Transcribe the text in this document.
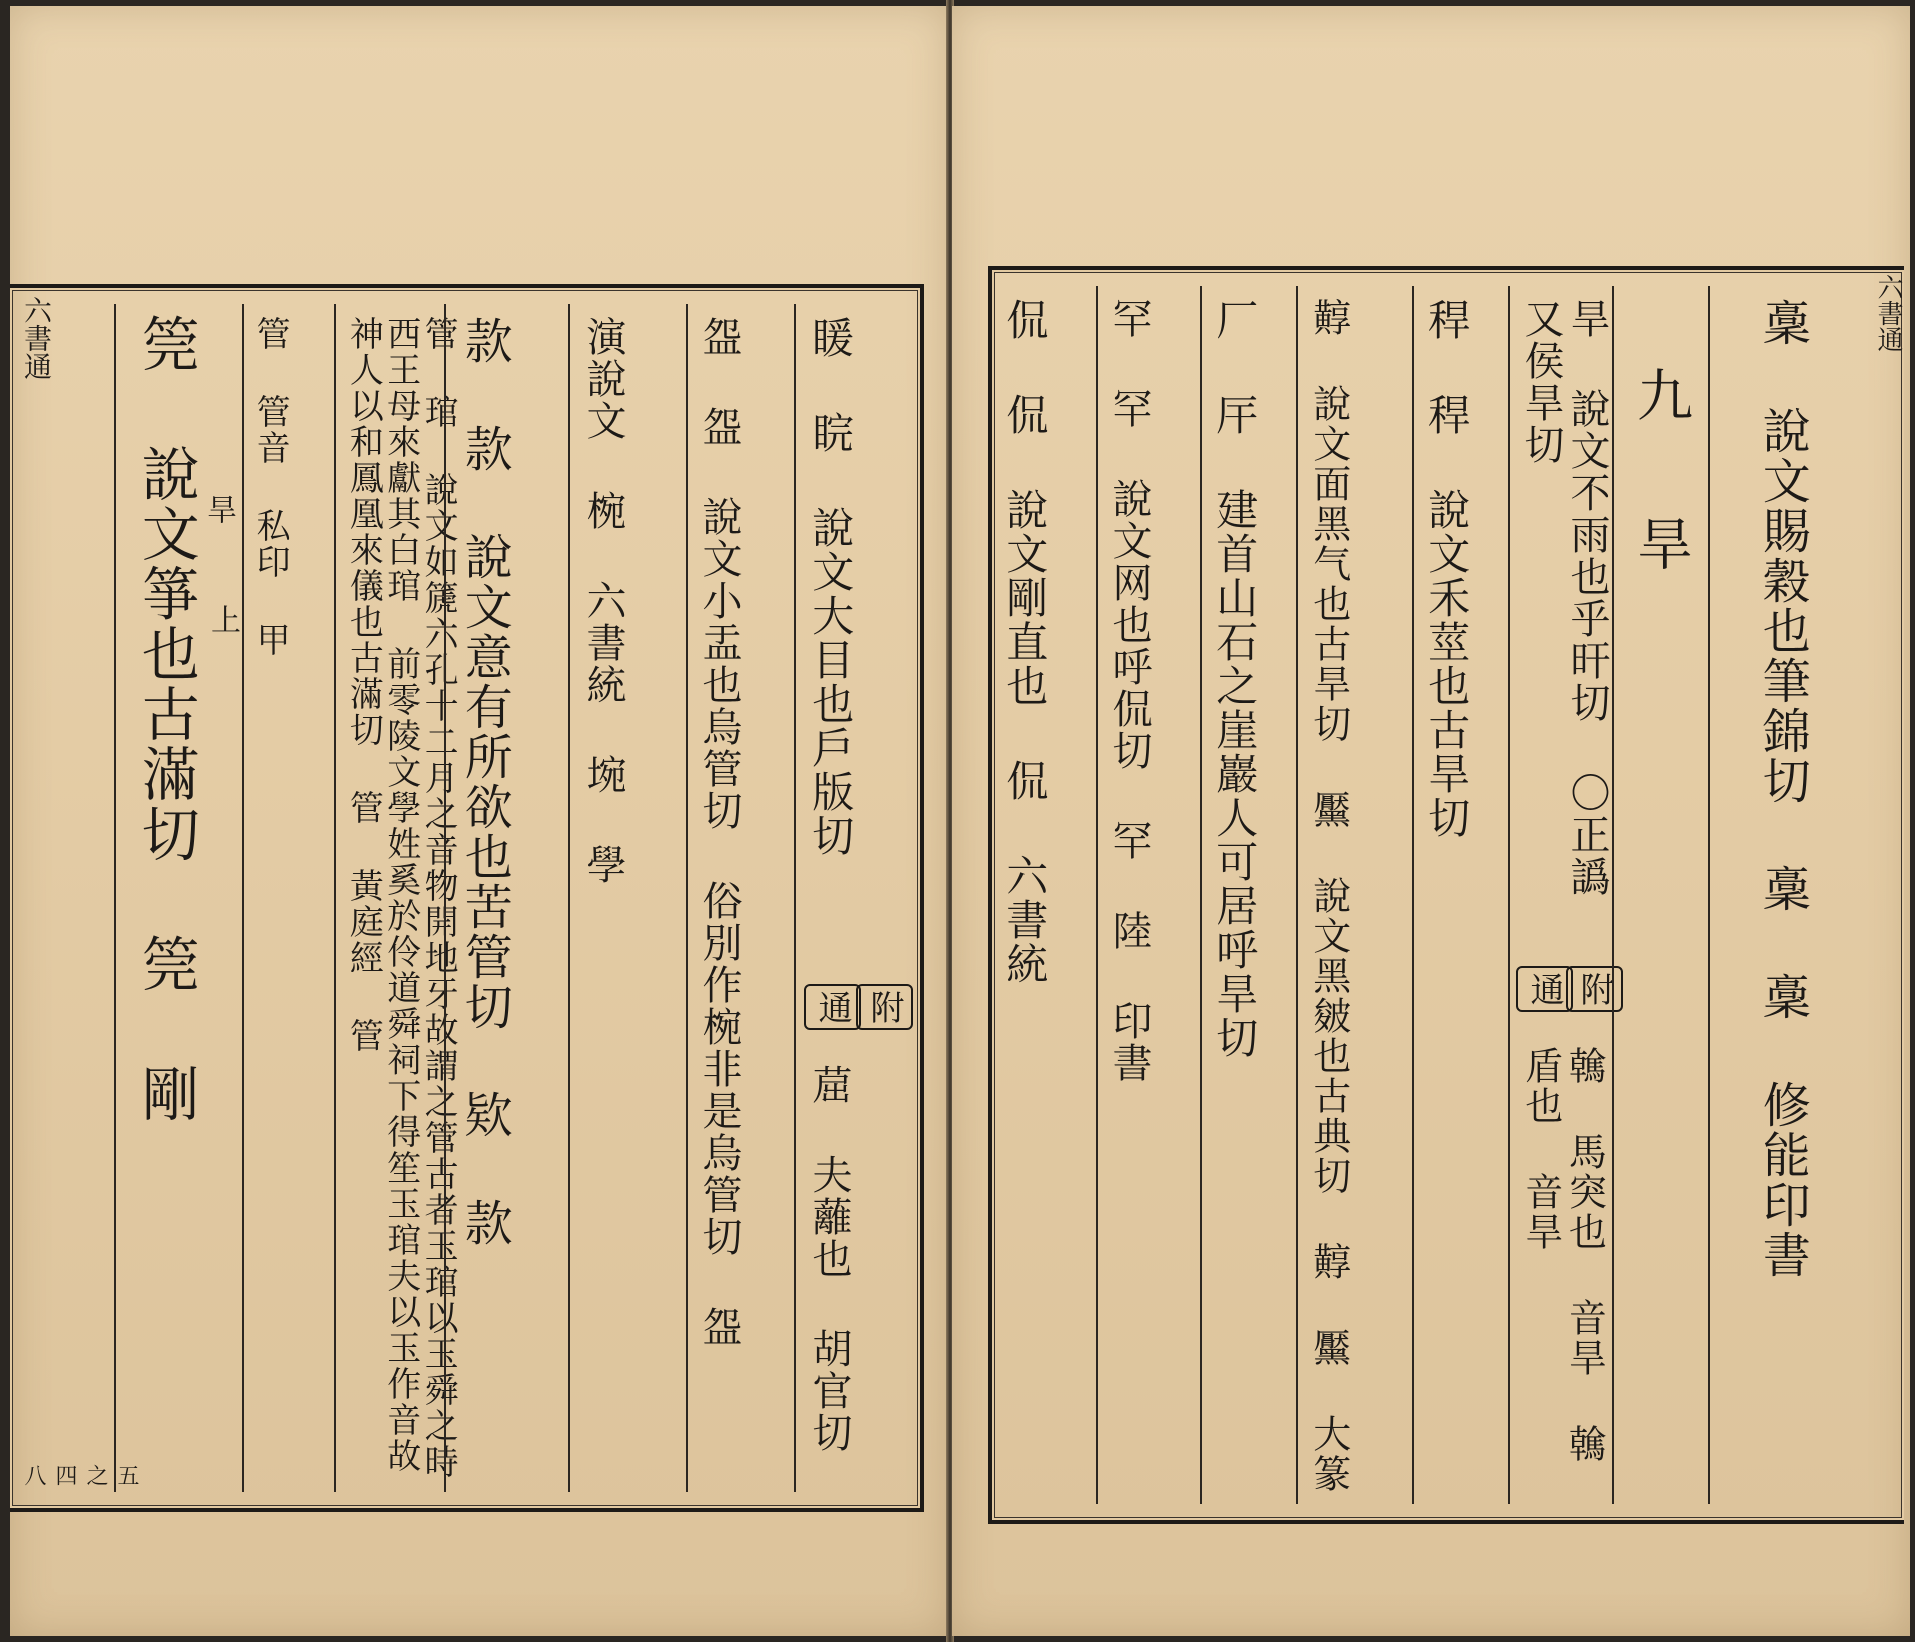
六書通
五之四八
旱
上
筦 說文箏也古滿切 筦 剛 管 管音 私印 甲	管 琯 說文如篪六孔十二月之音物開地牙故謂之管古者玉琯以玉舜之時西王母來獻其白琯 前零陵文學姓奚於伶道舜祠下得笙玉琯夫以玉作音故神人以和鳳凰來儀也古滿切 管 黃庭經 管	款 款 說文意有所欲也苦管切 欵 款 演說文 椀 六書統 埦 學 盌 盌 說文小盂也烏管切 俗別作椀非是烏管切 盌 䁔 睆 說文大目也戶版切
附
通
䓛 夫蘺也 胡官切
侃 侃 說文剛直也 侃 六書統 罕 罕 說文网也呼侃切 罕 陸 印書 厂 厈 建首山石之崖巖人可居呼旱切 䵍 說文面黑气也古旱切 黶 說文黑皴也古典切 䵍 黶 大篆 稈 稈 說文禾莖也古旱切	旱 說文不雨也乎旰切 〇正譌又侯旱切
附
通
䮧 馬突也 音旱 䮧 盾也 音旱
九 旱 稾 說文賜穀也筆錦切 稾 稾 修能印書 六書通
